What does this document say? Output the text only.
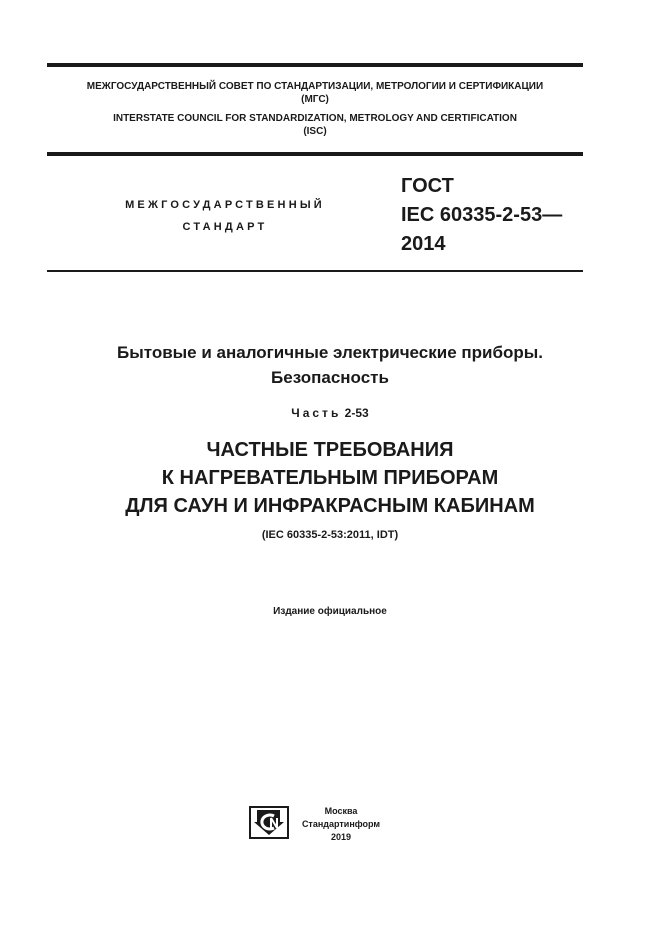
МЕЖГОСУДАРСТВЕННЫЙ СОВЕТ ПО СТАНДАРТИЗАЦИИ, МЕТРОЛОГИИ И СЕРТИФИКАЦИИ
(МГС)
INTERSTATE COUNCIL FOR STANDARDIZATION, METROLOGY AND CERTIFICATION
(ISC)
МЕЖГОСУДАРСТВЕННЫЙ
СТАНДАРТ
ГОСТ
IEC 60335-2-53—
2014
Бытовые и аналогичные электрические приборы.
Безопасность
Часть 2-53
ЧАСТНЫЕ ТРЕБОВАНИЯ
К НАГРЕВАТЕЛЬНЫМ ПРИБОРАМ
ДЛЯ САУН И ИНФРАКРАСНЫМ КАБИНАМ
(IEC 60335-2-53:2011, IDT)
Издание официальное
Москва
Стандартинформ
2019
